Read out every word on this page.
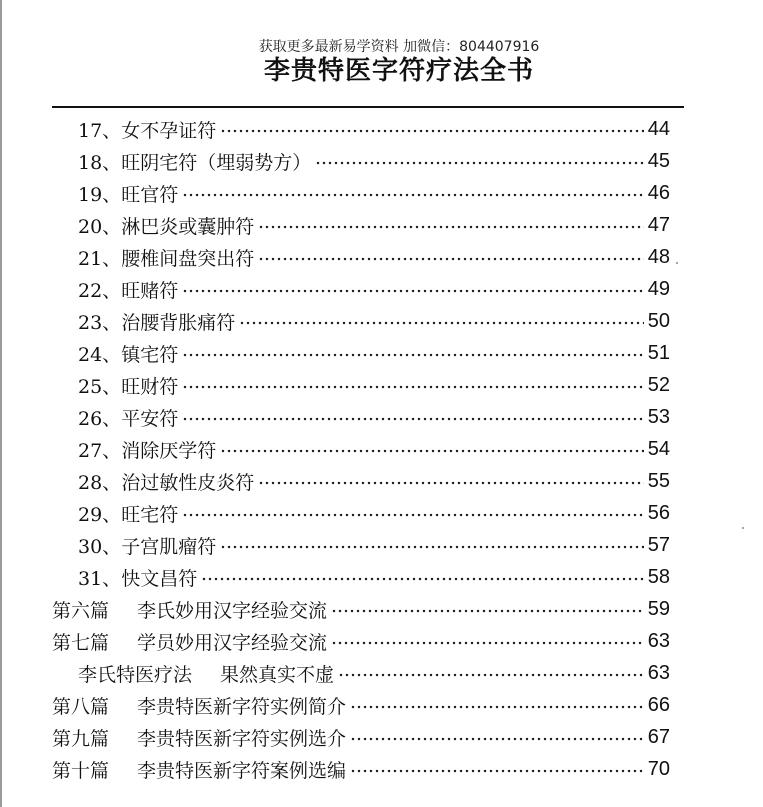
获取更多最新易学资料 加微信：804407916
李贵特医字符疗法全书
17、女不孕证符	44
18、旺阴宅符（埋弱势方）	45
19、旺官符	46
20、淋巴炎或囊肿符	47
21、腰椎间盘突出符	48
22、旺赌符	49
23、治腰背胀痛符	50
24、镇宅符	51
25、旺财符	52
26、平安符	53
27、消除厌学符	54
28、治过敏性皮炎符	55
29、旺宅符	56
30、子宫肌瘤符	57
31、快文昌符	58
第六篇 李氏妙用汉字经验交流	59
第七篇 学员妙用汉字经验交流	63
李氏特医疗法 果然真实不虚	63
第八篇 李贵特医新字符实例简介	66
第九篇 李贵特医新字符实例选介	67
第十篇 李贵特医新字符案例选编	70
